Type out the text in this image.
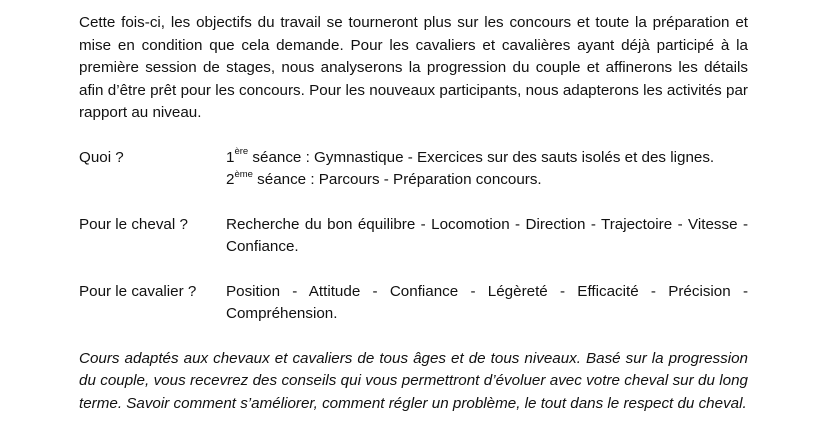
Cette fois-ci, les objectifs du travail se tourneront plus sur les concours et toute la préparation et mise en condition que cela demande. Pour les cavaliers et cavalières ayant déjà participé à la première session de stages, nous analyserons la progression du couple et affinerons les détails afin d’être prêt pour les concours. Pour les nouveaux participants, nous adapterons les activités par rapport au niveau.

Quoi ?	1ère séance : Gymnastique - Exercices sur des sauts isolés et des lignes.
2ème séance : Parcours - Préparation concours.
Pour le cheval ?	Recherche du bon équilibre - Locomotion - Direction - Trajectoire - Vitesse - Confiance.
Pour le cavalier ?	Position - Attitude - Confiance - Légèreté - Efficacité - Précision - Compréhension.

Cours adaptés aux chevaux et cavaliers de tous âges et de tous niveaux. Basé sur la progression du couple, vous recevrez des conseils qui vous permettront d’évoluer avec votre cheval sur du long terme. Savoir comment s’améliorer, comment régler un problème, le tout dans le respect du cheval.
